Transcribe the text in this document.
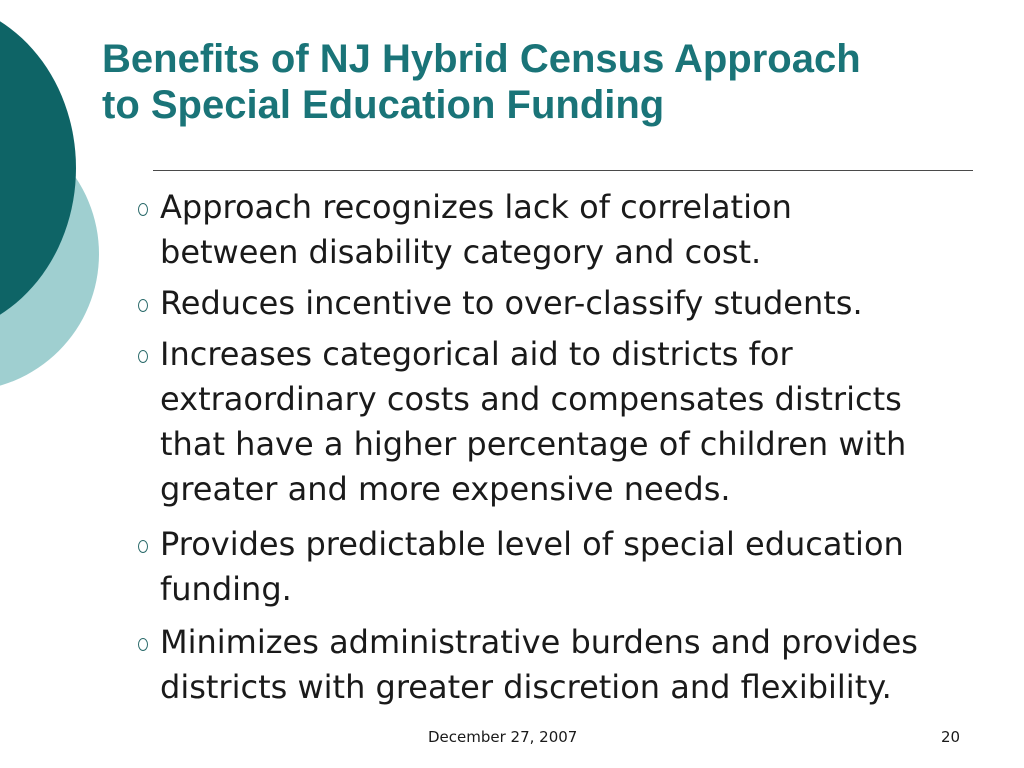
Benefits of NJ Hybrid Census Approach
to Special Education Funding
Approach recognizes lack of correlation
between disability category and cost.
Reduces incentive to over-classify students.
Increases categorical aid to districts for
extraordinary costs and compensates districts
that have a higher percentage of children with
greater and more expensive needs.
Provides predictable level of special education
funding.
Minimizes administrative burdens and provides
districts with greater discretion and flexibility.
December 27, 2007	20
